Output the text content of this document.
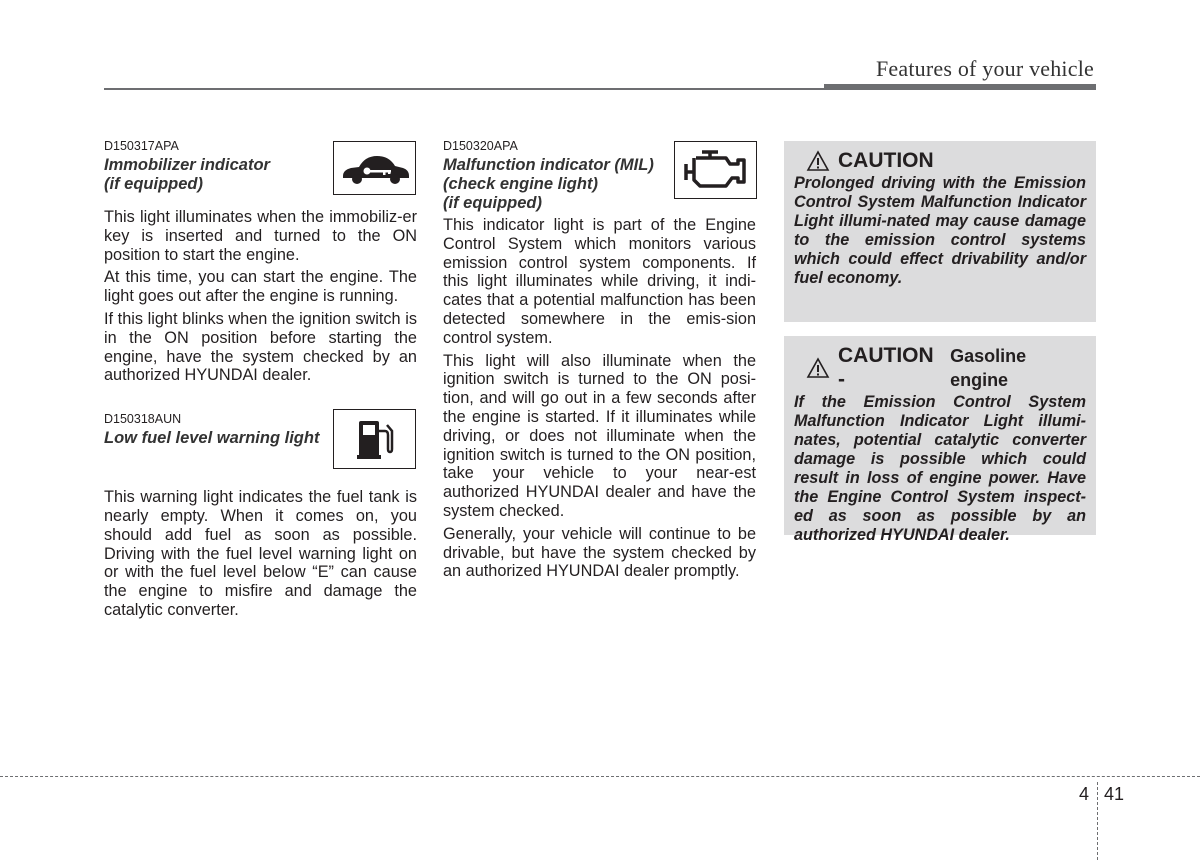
Features of your vehicle

D150317APA

Immobilizer indicator
(if equipped)

This light illuminates when the immobiliz-er key is inserted and turned to the ON position to start the engine.

At this time, you can start the engine. The light goes out after the engine is running.

If this light blinks when the ignition switch is in the ON position before starting the engine, have the system checked by an authorized HYUNDAI dealer.

D150318AUN

Low fuel level warning light

This warning light indicates the fuel tank is nearly empty. When it comes on, you should add fuel as soon as possible. Driving with the fuel level warning light on or with the fuel level below “E” can cause the engine to misfire and damage the catalytic converter.

D150320APA

Malfunction indicator (MIL)
(check engine light)
(if equipped)

This indicator light is part of the Engine Control System which monitors various emission control system components. If this light illuminates while driving, it indi-cates that a potential malfunction has been detected somewhere in the emis-sion control system.

This light will also illuminate when the ignition switch is turned to the ON posi-tion, and will go out in a few seconds after the engine is started. If it illuminates while driving, or does not illuminate when the ignition switch is turned to the ON position, take your vehicle to your near-est authorized HYUNDAI dealer and have the system checked.

Generally, your vehicle will continue to be drivable, but have the system checked by an authorized HYUNDAI dealer promptly.

CAUTION

Prolonged driving with the Emission Control System Malfunction Indicator Light illumi-nated may cause damage to the emission control systems which could effect drivability and/or fuel economy.

CAUTION -
Gasoline engine

If the Emission Control System Malfunction Indicator Light illumi-nates, potential catalytic converter damage is possible which could result in loss of engine power. Have the Engine Control System inspect-ed as soon as possible by an authorized HYUNDAI dealer.

4 41
